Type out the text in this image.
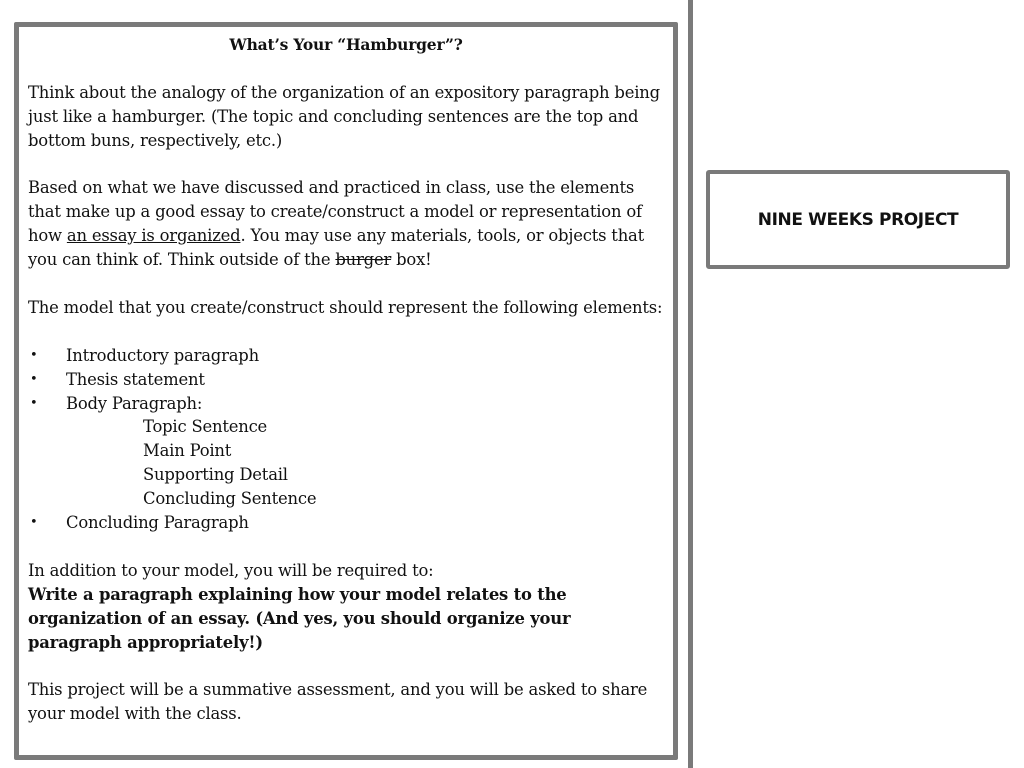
What’s Your “Hamburger”?

Think about the analogy of the organization of an expository paragraph being just like a hamburger. (The topic and concluding sentences are the top and bottom buns, respectively, etc.)

Based on what we have discussed and practiced in class, use the elements that make up a good essay to create/construct a model or representation of how an essay is organized. You may use any materials, tools, or objects that you can think of. Think outside of the burger box!

The model that you create/construct should represent the following elements:

• Introductory paragraph
• Thesis statement
• Body Paragraph:
Topic Sentence
Main Point
Supporting Detail
Concluding Sentence
• Concluding Paragraph

In addition to your model, you will be required to:

Write a paragraph explaining how your model relates to the organization of an essay. (And yes, you should organize your paragraph appropriately!)

This project will be a summative assessment, and you will be asked to share your model with the class.

NINE WEEKS PROJECT
